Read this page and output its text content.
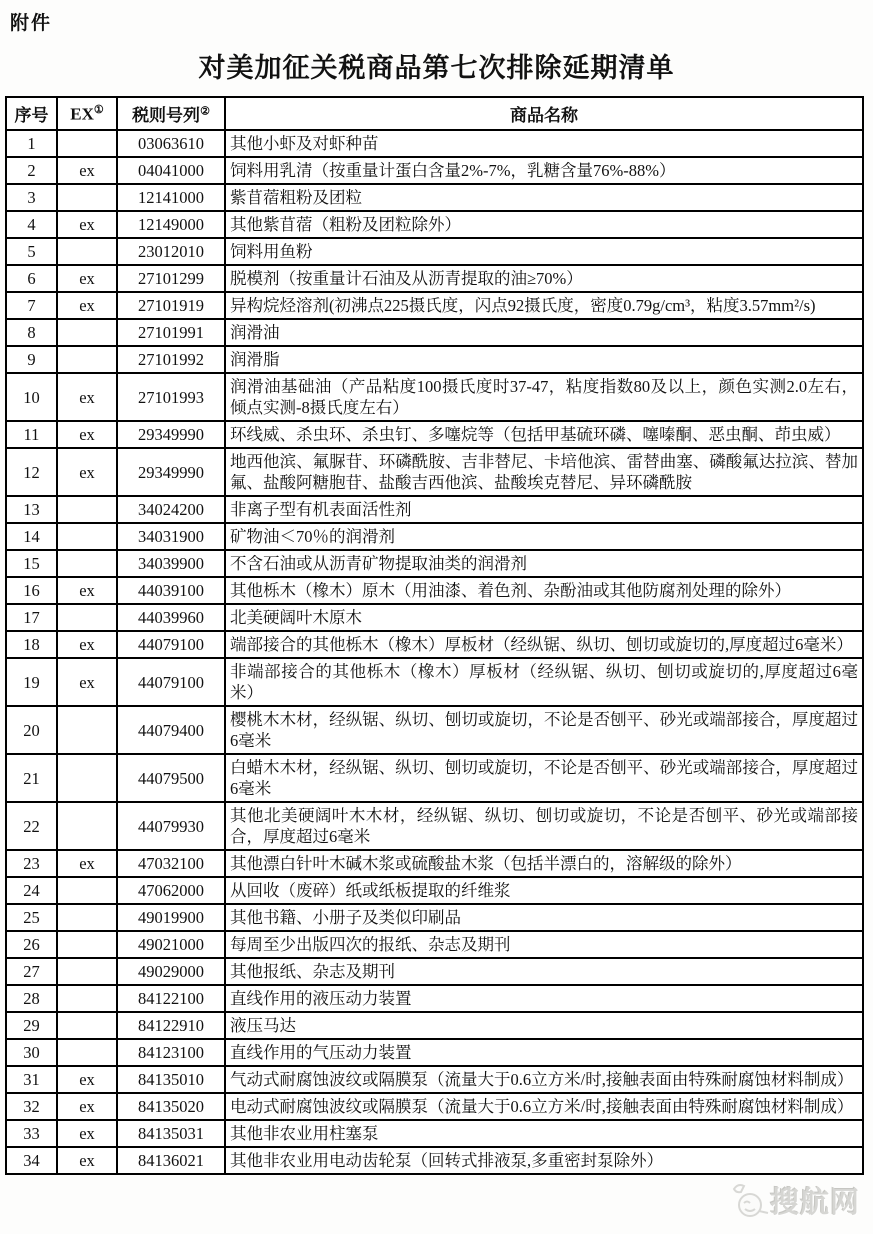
附件
对美加征关税商品第七次排除延期清单
序号	EX①	税则号列②	商品名称
1		03063610	其他小虾及对虾种苗
2	ex	04041000	饲料用乳清（按重量计蛋白含量2%-7%，乳糖含量76%-88%）
3		12141000	紫苜蓿粗粉及团粒
4	ex	12149000	其他紫苜蓿（粗粉及团粒除外）
5		23012010	饲料用鱼粉
6	ex	27101299	脱模剂（按重量计石油及从沥青提取的油≥70%）
7	ex	27101919	异构烷烃溶剂(初沸点225摄氏度，闪点92摄氏度，密度0.79g/cm³，粘度3.57mm²/s)
8		27101991	润滑油
9		27101992	润滑脂
10	ex	27101993	润滑油基础油（产品粘度100摄氏度时37-47，粘度指数80及以上，颜色实测2.0左右，倾点实测-8摄氏度左右）
11	ex	29349990	环线威、杀虫环、杀虫钉、多噻烷等（包括甲基硫环磷、噻嗪酮、恶虫酮、茚虫威）
12	ex	29349990	地西他滨、氟脲苷、环磷酰胺、吉非替尼、卡培他滨、雷替曲塞、磷酸氟达拉滨、替加氟、盐酸阿糖胞苷、盐酸吉西他滨、盐酸埃克替尼、异环磷酰胺
13		34024200	非离子型有机表面活性剂
14		34031900	矿物油＜70％的润滑剂
15		34039900	不含石油或从沥青矿物提取油类的润滑剂
16	ex	44039100	其他栎木（橡木）原木（用油漆、着色剂、杂酚油或其他防腐剂处理的除外）
17		44039960	北美硬阔叶木原木
18	ex	44079100	端部接合的其他栎木（橡木）厚板材（经纵锯、纵切、刨切或旋切的,厚度超过6毫米）
19	ex	44079100	非端部接合的其他栎木（橡木）厚板材（经纵锯、纵切、刨切或旋切的,厚度超过6毫米）
20		44079400	樱桃木木材，经纵锯、纵切、刨切或旋切，不论是否刨平、砂光或端部接合，厚度超过6毫米
21		44079500	白蜡木木材，经纵锯、纵切、刨切或旋切，不论是否刨平、砂光或端部接合，厚度超过6毫米
22		44079930	其他北美硬阔叶木木材，经纵锯、纵切、刨切或旋切，不论是否刨平、砂光或端部接合，厚度超过6毫米
23	ex	47032100	其他漂白针叶木碱木浆或硫酸盐木浆（包括半漂白的，溶解级的除外）
24		47062000	从回收（废碎）纸或纸板提取的纤维浆
25		49019900	其他书籍、小册子及类似印刷品
26		49021000	每周至少出版四次的报纸、杂志及期刊
27		49029000	其他报纸、杂志及期刊
28		84122100	直线作用的液压动力装置
29		84122910	液压马达
30		84123100	直线作用的气压动力装置
31	ex	84135010	气动式耐腐蚀波纹或隔膜泵（流量大于0.6立方米/时,接触表面由特殊耐腐蚀材料制成）
32	ex	84135020	电动式耐腐蚀波纹或隔膜泵（流量大于0.6立方米/时,接触表面由特殊耐腐蚀材料制成）
33	ex	84135031	其他非农业用柱塞泵
34	ex	84136021	其他非农业用电动齿轮泵（回转式排液泵,多重密封泵除外）
搜航网
